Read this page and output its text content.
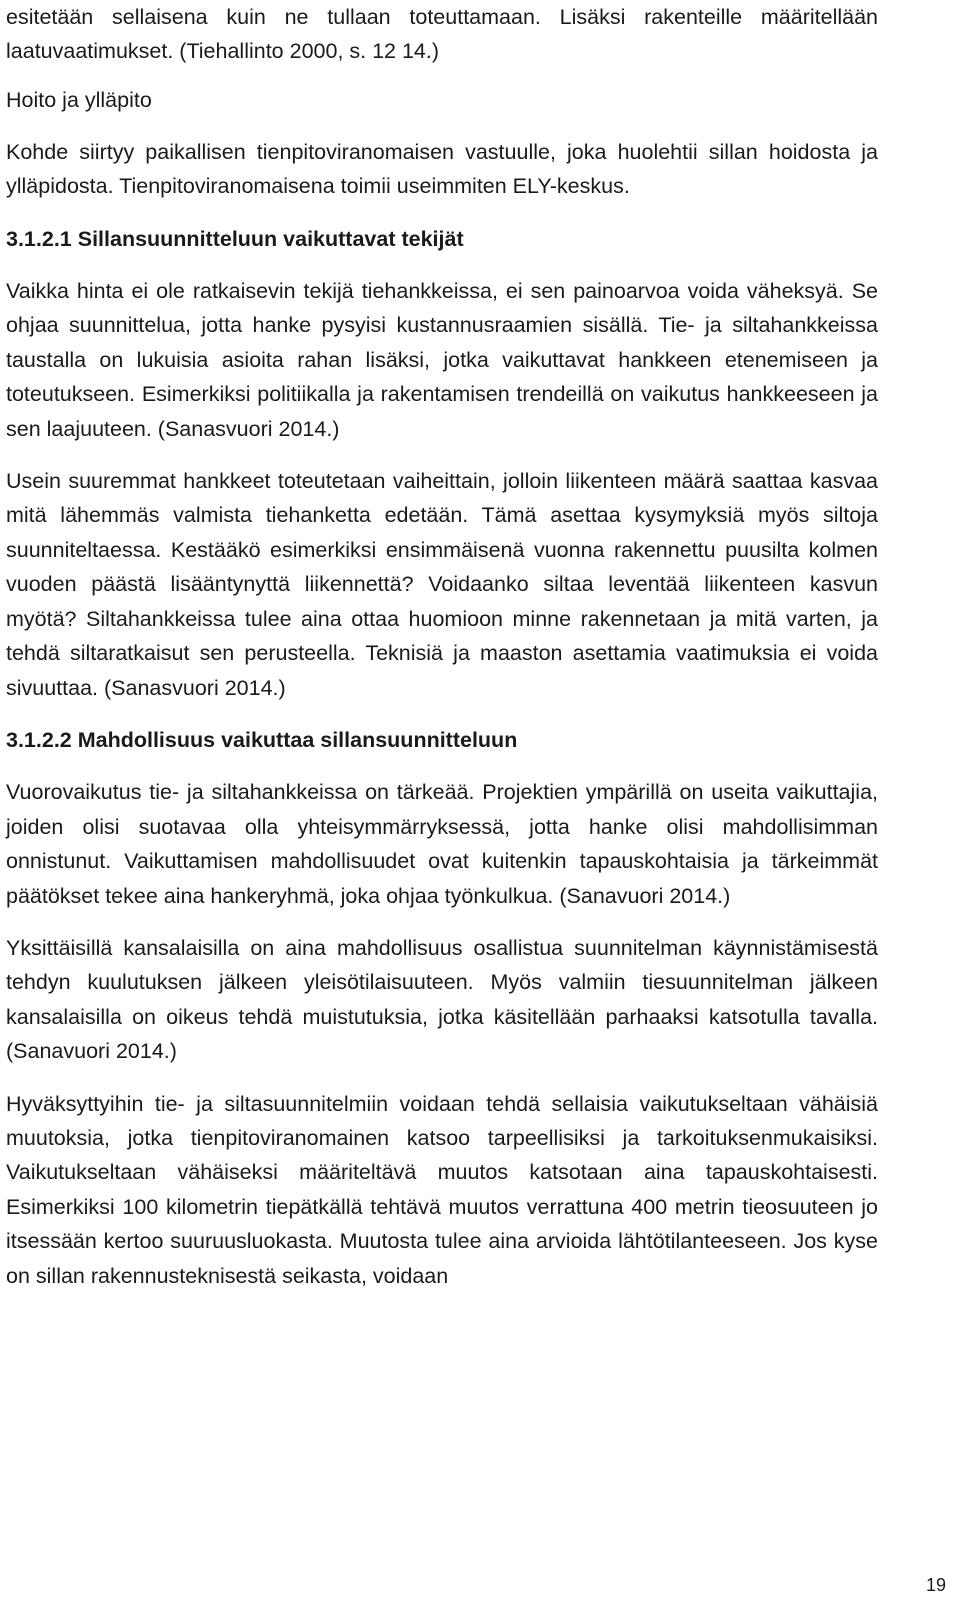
esitetään sellaisena kuin ne tullaan toteuttamaan. Lisäksi rakenteille määritellään laatuvaatimukset. (Tiehallinto 2000, s. 12 14.)

Hoito ja ylläpito

Kohde siirtyy paikallisen tienpitoviranomaisen vastuulle, joka huolehtii sillan hoidosta ja ylläpidosta. Tienpitoviranomaisena toimii useimmiten ELY-keskus.

3.1.2.1 Sillansuunnitteluun vaikuttavat tekijät

Vaikka hinta ei ole ratkaisevin tekijä tiehankkeissa, ei sen painoarvoa voida väheksyä. Se ohjaa suunnittelua, jotta hanke pysyisi kustannusraamien sisällä. Tie- ja siltahankkeissa taustalla on lukuisia asioita rahan lisäksi, jotka vaikuttavat hankkeen etenemiseen ja toteutukseen. Esimerkiksi politiikalla ja rakentamisen trendeillä on vaikutus hankkeeseen ja sen laajuuteen. (Sanasvuori 2014.)

Usein suuremmat hankkeet toteutetaan vaiheittain, jolloin liikenteen määrä saattaa kasvaa mitä lähemmäs valmista tiehanketta edetään. Tämä asettaa kysymyksiä myös siltoja suunniteltaessa. Kestääkö esimerkiksi ensimmäisenä vuonna rakennettu puusilta kolmen vuoden päästä lisääntynyttä liikennettä? Voidaanko siltaa leventää liikenteen kasvun myötä? Siltahankkeissa tulee aina ottaa huomioon minne rakennetaan ja mitä varten, ja tehdä siltaratkaisut sen perusteella. Teknisiä ja maaston asettamia vaatimuksia ei voida sivuuttaa. (Sanasvuori 2014.)

3.1.2.2 Mahdollisuus vaikuttaa sillansuunnitteluun

Vuorovaikutus tie- ja siltahankkeissa on tärkeää. Projektien ympärillä on useita vaikuttajia, joiden olisi suotavaa olla yhteisymmärryksessä, jotta hanke olisi mahdollisimman onnistunut. Vaikuttamisen mahdollisuudet ovat kuitenkin tapauskohtaisia ja tärkeimmät päätökset tekee aina hankeryhmä, joka ohjaa työnkulkua. (Sanavuori 2014.)

Yksittäisillä kansalaisilla on aina mahdollisuus osallistua suunnitelman käynnistämisestä tehdyn kuulutuksen jälkeen yleisötilaisuuteen. Myös valmiin tiesuunnitelman jälkeen kansalaisilla on oikeus tehdä muistutuksia, jotka käsitellään parhaaksi katsotulla tavalla. (Sanavuori 2014.)

Hyväksyttyihin tie- ja siltasuunnitelmiin voidaan tehdä sellaisia vaikutukseltaan vähäisiä muutoksia, jotka tienpitoviranomainen katsoo tarpeellisiksi ja tarkoituksenmukaisiksi. Vaikutukseltaan vähäiseksi määriteltävä muutos katsotaan aina tapauskohtaisesti. Esimerkiksi 100 kilometrin tiepätkällä tehtävä muutos verrattuna 400 metrin tieosuuteen jo itsessään kertoo suuruusluokasta. Muutosta tulee aina arvioida lähtötilanteeseen. Jos kyse on sillan rakennusteknisestä seikasta, voidaan

19
